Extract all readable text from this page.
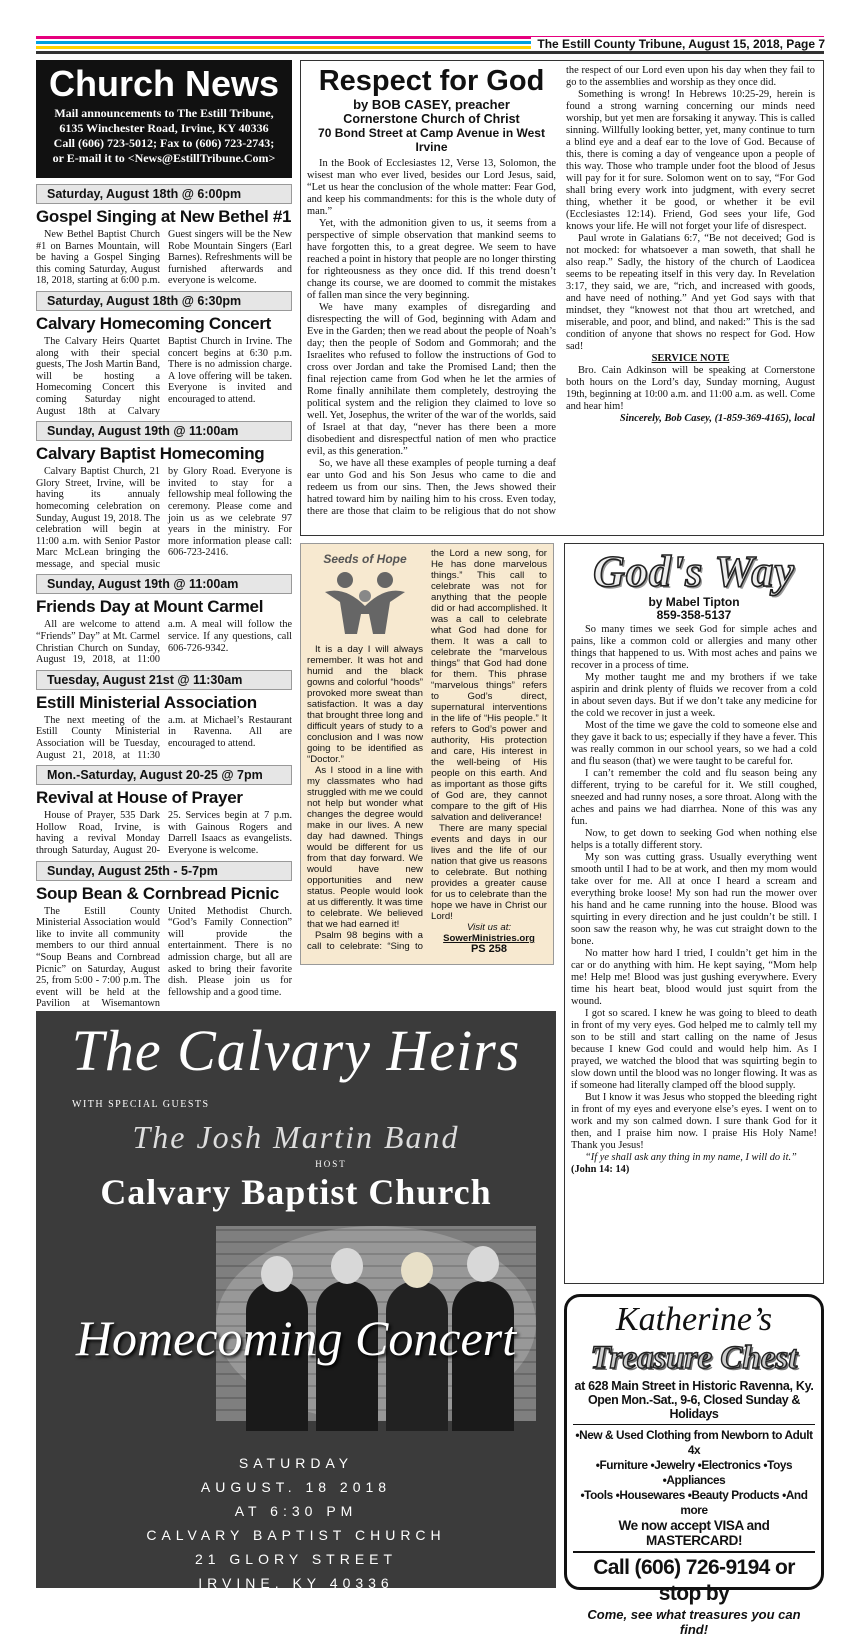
The Estill County Tribune, August 15, 2018, Page 7
Church News
Mail announcements to The Estill Tribune,
6135 Winchester Road, Irvine, KY 40336
Call (606) 723-5012; Fax to (606) 723-2743;
or E-mail it to <News@EstillTribune.Com>
Saturday, August 18th @ 6:00pm
Gospel Singing at New Bethel #1

New Bethel Baptist Church #1 on Barnes Mountain, will be having a Gospel Singing this coming Saturday, August 18, 2018, starting at 6:00 p.m. Guest singers will be the New Robe Mountain Singers (Earl Barnes). Refreshments will be furnished afterwards and everyone is welcome.

Saturday, August 18th @ 6:30pm
Calvary Homecoming Concert

The Calvary Heirs Quartet along with their special guests, The Josh Martin Band, will be hosting a Homecoming Concert this coming Saturday night August 18th at Calvary Baptist Church in Irvine. The concert begins at 6:30 p.m. There is no admission charge. A love offering will be taken. Everyone is invited and encouraged to attend.

Sunday, August 19th @ 11:00am
Calvary Baptist Homecoming

Calvary Baptist Church, 21 Glory Street, Irvine, will be having its annualy homecoming celebration on Sunday, August 19, 2018. The celebration will begin at 11:00 a.m. with Senior Pastor Marc McLean bringing the message, and special music by Glory Road. Everyone is invited to stay for a fellowship meal following the ceremony. Please come and join us as we celebrate 97 years in the ministry. For more information please call: 606-723-2416.

Sunday, August 19th @ 11:00am
Friends Day at Mount Carmel

All are welcome to attend “Friends” Day” at Mt. Carmel Christian Church on Sunday, August 19, 2018, at 11:00 a.m. A meal will follow the service. If any questions, call 606-726-9342.

Tuesday, August 21st @ 11:30am
Estill Ministerial Association

The next meeting of the Estill County Ministerial Association will be Tuesday, August 21, 2018, at 11:30 a.m. at Michael’s Restaurant in Ravenna. All are encouraged to attend.

Mon.-Saturday, August 20-25 @ 7pm
Revival at House of Prayer

House of Prayer, 535 Dark Hollow Road, Irvine, is having a revival Monday through Saturday, August 20-25. Services begin at 7 p.m. with Gainous Rogers and Darrell Isaacs as evangelists. Everyone is welcome.

Sunday, August 25th - 5-7pm
Soup Bean & Cornbread Picnic

The Estill County Ministerial Association would like to invite all community members to our third annual “Soup Beans and Cornbread Picnic” on Saturday, August 25, from 5:00 - 7:00 p.m. The event will be held at the Pavilion at Wisemantown United Methodist Church. “God’s Family Connection” will provide the entertainment. There is no admission charge, but all are asked to bring their favorite dish. Please join us for fellowship and a good time.

Respect for God
by BOB CASEY, preacher
Cornerstone Church of Christ
70 Bond Street at Camp Avenue in West Irvine

In the Book of Ecclesiastes 12, Verse 13, Solomon, the wisest man who ever lived, besides our Lord Jesus, said, “Let us hear the conclusion of the whole matter: Fear God, and keep his commandments: for this is the whole duty of man.”

Yet, with the admonition given to us, it seems from a perspective of simple observation that mankind seems to have forgotten this, to a great degree. We seem to have reached a point in history that people are no longer thirsting for righteousness as they once did. If this trend doesn’t change its course, we are doomed to commit the mistakes of fallen man since the very beginning.

We have many examples of disregarding and disrespecting the will of God, beginning with Adam and Eve in the Garden; then we read about the people of Noah’s day; then the people of Sodom and Gommorah; and the Israelites who refused to follow the instructions of God to cross over Jordan and take the Promised Land; then the final rejection came from God when he let the armies of Rome finally annihilate them completely, destroying the political system and the religion they claimed to love so well. Yet, Josephus, the writer of the war of the worlds, said of Israel at that day, “never has there been a more disobedient and disrespectful nation of men who practice evil, as this generation.”

So, we have all these examples of people turning a deaf ear unto God and his Son Jesus who came to die and redeem us from our sins. Then, the Jews showed their hatred toward him by nailing him to his cross. Even today, there are those that claim to be religious that do not show the respect of our Lord even upon his day when they fail to go to the assemblies and worship as they once did.

Something is wrong! In Hebrews 10:25-29, herein is found a strong warning concerning our minds need worship, but yet men are forsaking it anyway. This is called sinning. Willfully looking better, yet, many continue to turn a blind eye and a deaf ear to the love of God. Because of this, there is coming a day of vengeance upon a people of this way. Those who trample under foot the blood of Jesus will pay for it for sure. Solomon went on to say, “For God shall bring every work into judgment, with every secret thing, whether it be good, or whether it be evil (Ecclesiastes 12:14). Friend, God sees your life, God knows your life. He will not forget your life of disrespect.

Paul wrote in Galatians 6:7, “Be not deceived; God is not mocked: for whatsoever a man soweth, that shall he also reap.” Sadly, the history of the church of Laodicea seems to be repeating itself in this very day. In Revelation 3:17, they said, we are, “rich, and increased with goods, and have need of nothing.” And yet God says with that mindset, they “knowest not that thou art wretched, and miserable, and poor, and blind, and naked:” This is the sad condition of anyone that shows no respect for God. How sad!

SERVICE NOTE

Bro. Cain Adkinson will be speaking at Cornerstone both hours on the Lord’s day, Sunday morning, August 19th, beginning at 10:00 a.m. and 11:00 a.m. as well. Come and hear him!

Sincerely, Bob Casey, (1-859-369-4165), local

Seeds of Hope

It is a day I will always remember. It was hot and humid and the black gowns and colorful “hoods” provoked more sweat than satisfaction. It was a day that brought three long and difficult years of study to a conclusion and I was now going to be identified as “Doctor.”

As I stood in a line with my classmates who had struggled with me we could not help but wonder what changes the degree would make in our lives. A new day had dawned. Things would be different for us from that day forward. We would have new opportunities and new status. People would look at us differently. It was time to celebrate. We believed that we had earned it!

Psalm 98 begins with a call to celebrate: “Sing to the Lord a new song, for He has done marvelous things.” This call to celebrate was not for anything that the people did or had accomplished. It was a call to celebrate what God had done for them. It was a call to celebrate the “marvelous things” that God had done for them. This phrase “marvelous things” refers to God’s direct, supernatural interventions in the life of “His people.” It refers to God’s power and authority, His protection and care, His interest in the well-being of His people on this earth. And as important as those gifts of God are, they cannot compare to the gift of His salvation and deliverance!

There are many special events and days in our lives and the life of our nation that give us reasons to celebrate. But nothing provides a greater cause for us to celebrate than the hope we have in Christ our Lord!

Visit us at:

SowerMinistries.org

PS 258

God's Way
by Mabel Tipton
859-358-5137

So many times we seek God for simple aches and pains, like a common cold or allergies and many other things that happened to us. With most aches and pains we recover in a process of time.

My mother taught me and my brothers if we take aspirin and drink plenty of fluids we recover from a cold in about seven days. But if we don’t take any medicine for the cold we recover in just a week.

Most of the time we gave the cold to someone else and they gave it back to us; especially if they have a fever. This was really common in our school years, so we had a cold and flu season (that) we were taught to be careful for.

I can’t remember the cold and flu season being any different, trying to be careful for it. We still coughed, sneezed and had runny noses, a sore throat. Along with the aches and pains we had diarrhea. None of this was any fun.

Now, to get down to seeking God when nothing else helps is a totally different story.

My son was cutting grass. Usually everything went smooth until I had to be at work, and then my mom would take over for me. All at once I heard a scream and everything broke loose! My son had run the mower over his hand and he came running into the house. Blood was squirting in every direction and he just couldn’t be still. I soon saw the reason why, he was cut straight down to the bone.

No matter how hard I tried, I couldn’t get him in the car or do anything with him. He kept saying, “Mom help me! Help me! Blood was just gushing everywhere. Every time his heart beat, blood would just squirt from the wound.

I got so scared. I knew he was going to bleed to death in front of my very eyes. God helped me to calmly tell my son to be still and start calling on the name of Jesus because I knew God could and would help him. As I prayed, we watched the blood that was squirting begin to slow down until the blood was no longer flowing. It was as if someone had literally clamped off the blood supply.

But I know it was Jesus who stopped the bleeding right in front of my eyes and everyone else’s eyes. I went on to work and my son calmed down. I sure thank God for it then, and I praise him now. I praise His Holy Name! Thank you Jesus!

“If ye shall ask any thing in my name, I will do it.”

(John 14: 14)
Katherine’s
Treasure Chest
at 628 Main Street in Historic Ravenna, Ky.
Open Mon.-Sat., 9-6, Closed Sunday & Holidays
•New & Used Clothing from Newborn to Adult 4x
•Furniture •Jewelry •Electronics •Toys •Appliances
•Tools •Housewares •Beauty Products •And more
We now accept VISA and MASTERCARD!
Call (606) 726-9194 or stop by
Come, see what treasures you can find!
The Calvary Heirs
WITH SPECIAL GUESTS
The Josh Martin Band
HOST
Calvary Baptist Church
Homecoming Concert
SATURDAY
AUGUST. 18 2018
AT 6:30 PM
CALVARY BAPTIST CHURCH
21 GLORY STREET
IRVINE, KY 40336
